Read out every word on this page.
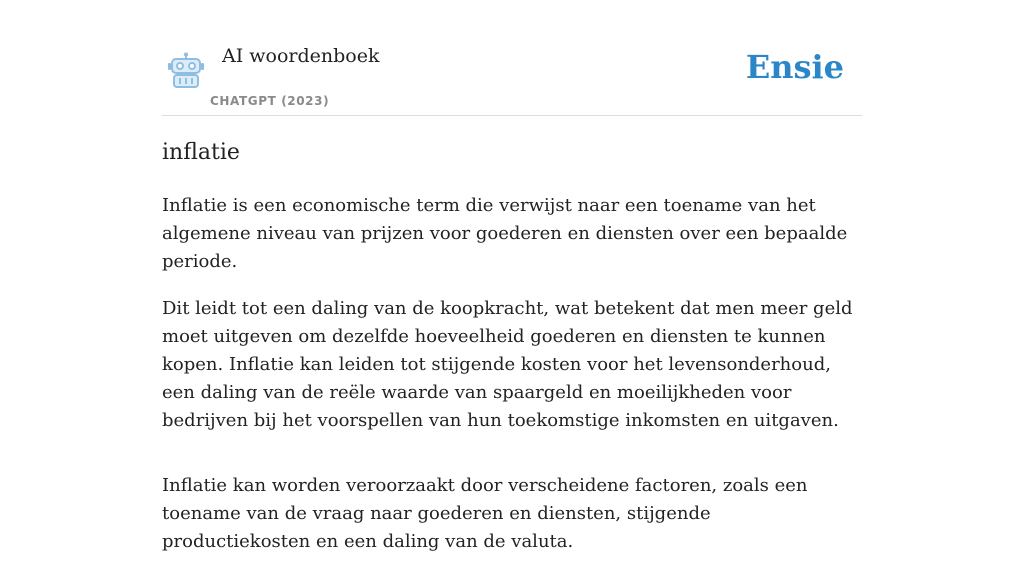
AI woordenboek
CHATGPT (2023)
Ensie
inflatie

Inflatie is een economische term die verwijst naar een toename van het algemene niveau van prijzen voor goederen en diensten over een bepaalde periode.

Dit leidt tot een daling van de koopkracht, wat betekent dat men meer geld moet uitgeven om dezelfde hoeveelheid goederen en diensten te kunnen kopen. Inflatie kan leiden tot stijgende kosten voor het levensonderhoud, een daling van de reële waarde van spaargeld en moeilijkheden voor bedrijven bij het voorspellen van hun toekomstige inkomsten en uitgaven.

Inflatie kan worden veroorzaakt door verscheidene factoren, zoals een toename van de vraag naar goederen en diensten, stijgende productiekosten en een daling van de valuta.
